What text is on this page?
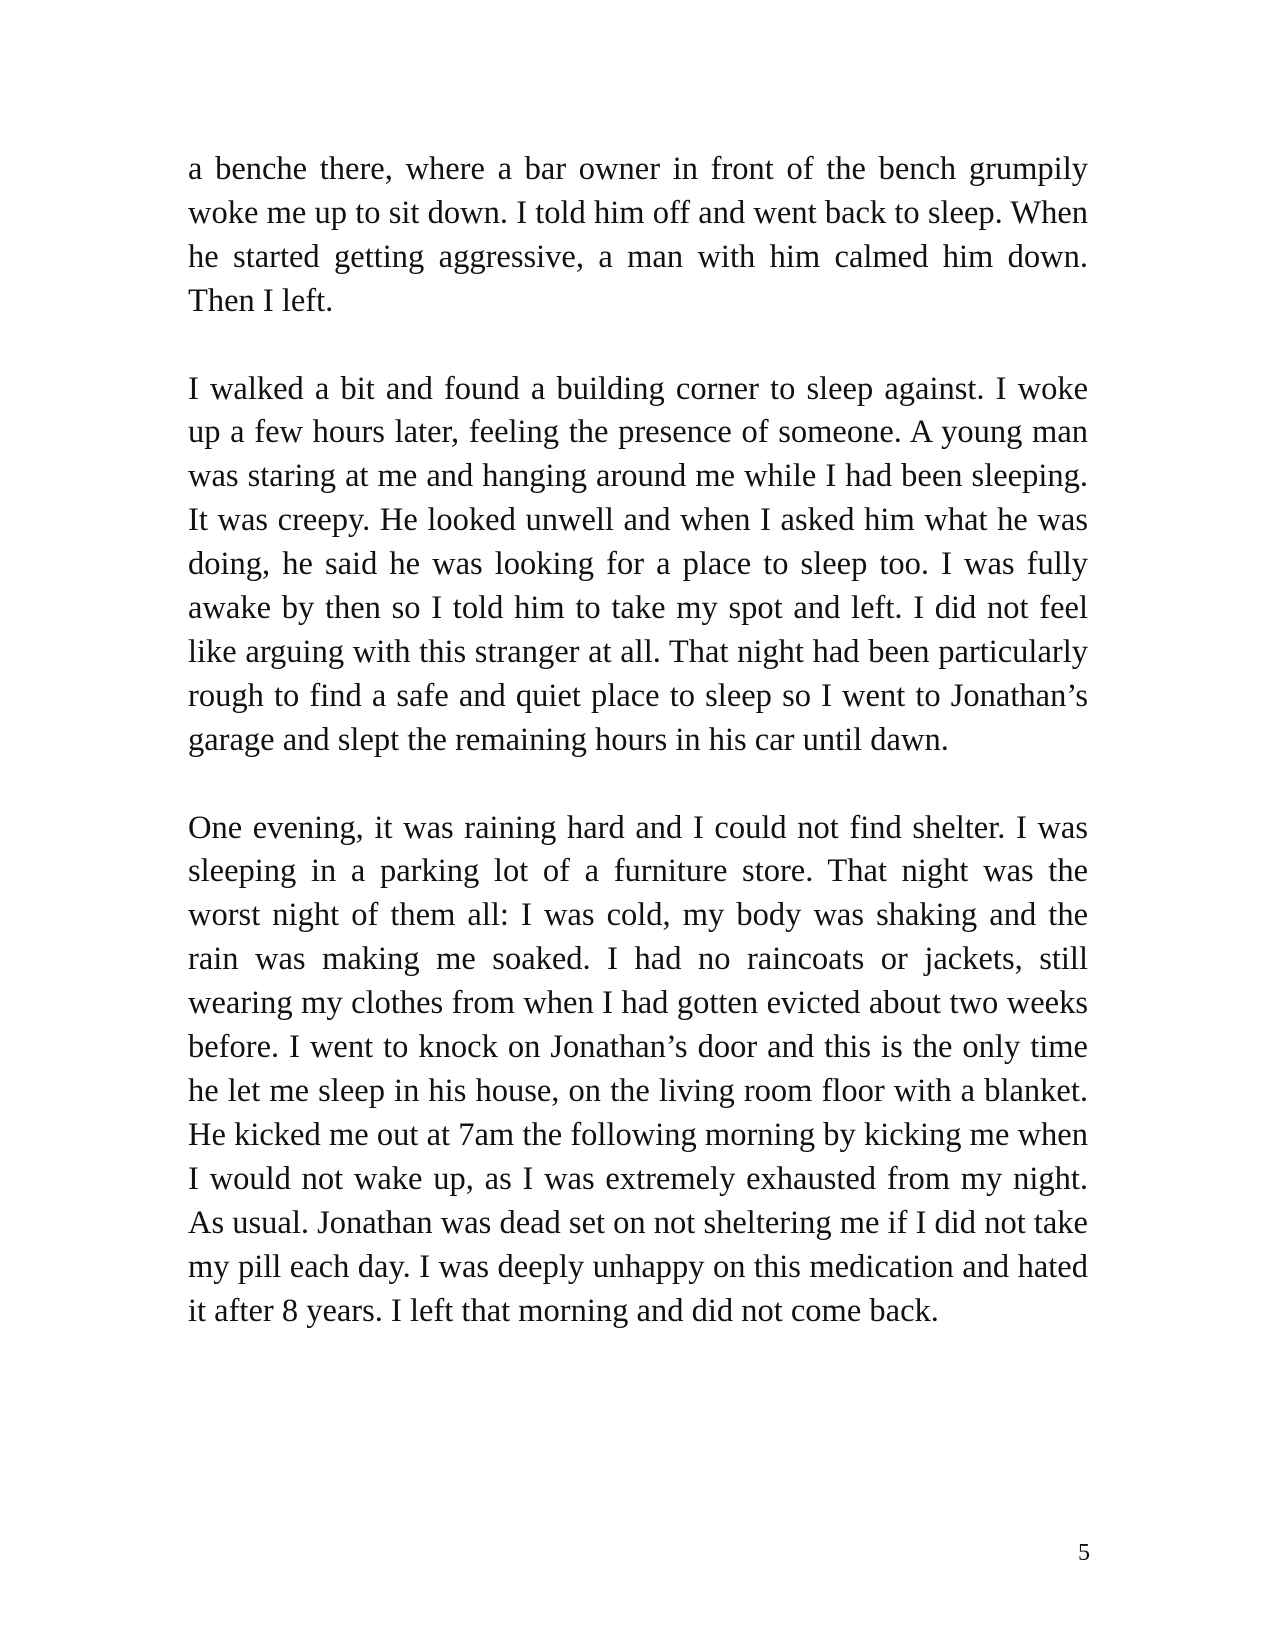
a benche there, where a bar owner in front of the bench grumpily woke me up to sit down. I told him off and went back to sleep. When he started getting aggressive, a man with him calmed him down. Then I left.

I walked a bit and found a building corner to sleep against. I woke up a few hours later, feeling the presence of someone. A young man was staring at me and hanging around me while I had been sleeping. It was creepy. He looked unwell and when I asked him what he was doing, he said he was looking for a place to sleep too. I was fully awake by then so I told him to take my spot and left. I did not feel like arguing with this stranger at all. That night had been particularly rough to find a safe and quiet place to sleep so I went to Jonathan’s garage and slept the remaining hours in his car until dawn.

One evening, it was raining hard and I could not find shelter. I was sleeping in a parking lot of a furniture store. That night was the worst night of them all: I was cold, my body was shaking and the rain was making me soaked. I had no raincoats or jackets, still wearing my clothes from when I had gotten evicted about two weeks before. I went to knock on Jonathan’s door and this is the only time he let me sleep in his house, on the living room floor with a blanket. He kicked me out at 7am the following morning by kicking me when I would not wake up, as I was extremely exhausted from my night. As usual. Jonathan was dead set on not sheltering me if I did not take my pill each day. I was deeply unhappy on this medication and hated it after 8 years. I left that morning and did not come back.

5
